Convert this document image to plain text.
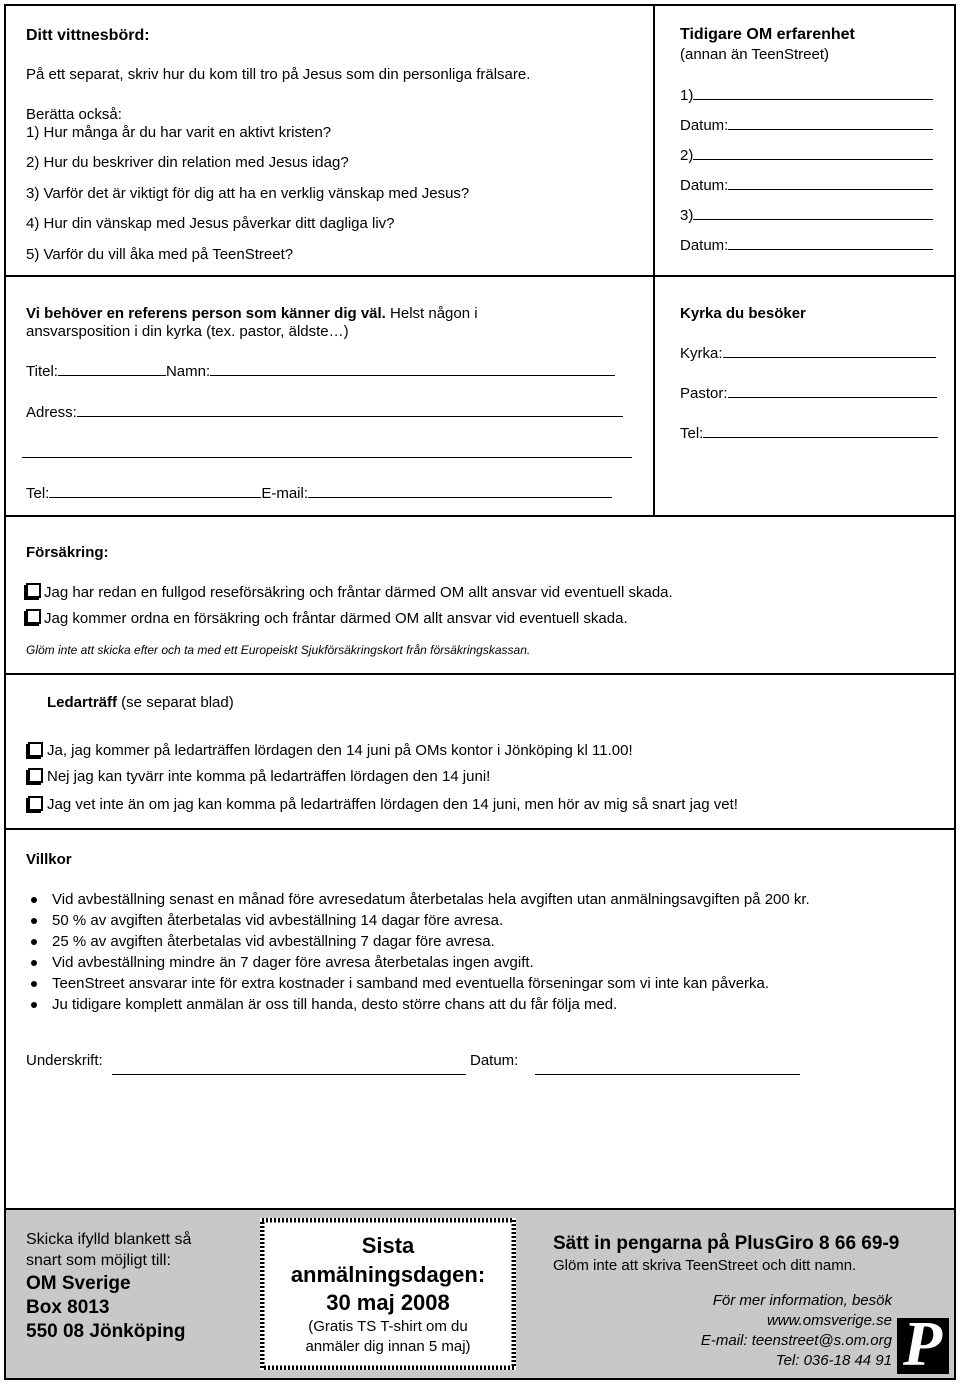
Ditt vittnesbörd:
På ett separat, skriv hur du kom till tro på Jesus som din personliga frälsare.
Berätta också:
1) Hur många år du har varit en aktivt kristen?
2) Hur du beskriver din relation med Jesus idag?
3) Varför det är viktigt för dig att ha en verklig vänskap med Jesus?
4) Hur din vänskap med Jesus påverkar ditt dagliga liv?
5) Varför du vill åka med på TeenStreet?
Tidigare OM erfarenhet
(annan än TeenStreet)
1)
Datum:
2)
Datum:
3)
Datum:
Vi behöver en referens person som känner dig väl. Helst någon i
ansvarsposition i din kyrka (tex. pastor, äldste…)
Titel:	Namn:
Adress:
Tel:	E-mail:
Kyrka du besöker
Kyrka:
Pastor:
Tel:
Försäkring:
Jag har redan en fullgod reseförsäkring och fråntar därmed OM allt ansvar vid eventuell skada.
Jag kommer ordna en försäkring och fråntar därmed OM allt ansvar vid eventuell skada.
Glöm inte att skicka efter och ta med ett Europeiskt Sjukförsäkringskort från försäkringskassan.
Ledarträff (se separat blad)
Ja, jag kommer på ledarträffen lördagen den 14 juni på OMs kontor i Jönköping kl 11.00!
Nej jag kan tyvärr inte komma på ledarträffen lördagen den 14 juni!
Jag vet inte än om jag kan komma på ledarträffen lördagen den 14 juni, men hör av mig så snart jag vet!
Villkor
Vid avbeställning senast en månad före avresedatum återbetalas hela avgiften utan anmälningsavgiften på 200 kr.
50 % av avgiften återbetalas vid avbeställning 14 dagar före avresa.
25 % av avgiften återbetalas vid avbeställning 7 dagar före avresa.
Vid avbeställning mindre än 7 dager före avresa återbetalas ingen avgift.
TeenStreet ansvarar inte för extra kostnader i samband med eventuella förseningar som vi inte kan påverka.
Ju tidigare komplett anmälan är oss till handa, desto större chans att du får följa med.
Underskrift:	Datum:
Skicka ifylld blankett så
snart som möjligt till:
OM Sverige
Box 8013
550 08 Jönköping
Sista
anmälningsdagen:
30 maj 2008
(Gratis TS T-shirt om du
anmäler dig innan 5 maj)
Sätt in pengarna på PlusGiro 8 66 69-9
Glöm inte att skriva TeenStreet och ditt namn.
För mer information, besök
www.omsverige.se
E-mail: teenstreet@s.om.org
Tel: 036-18 44 91 P
